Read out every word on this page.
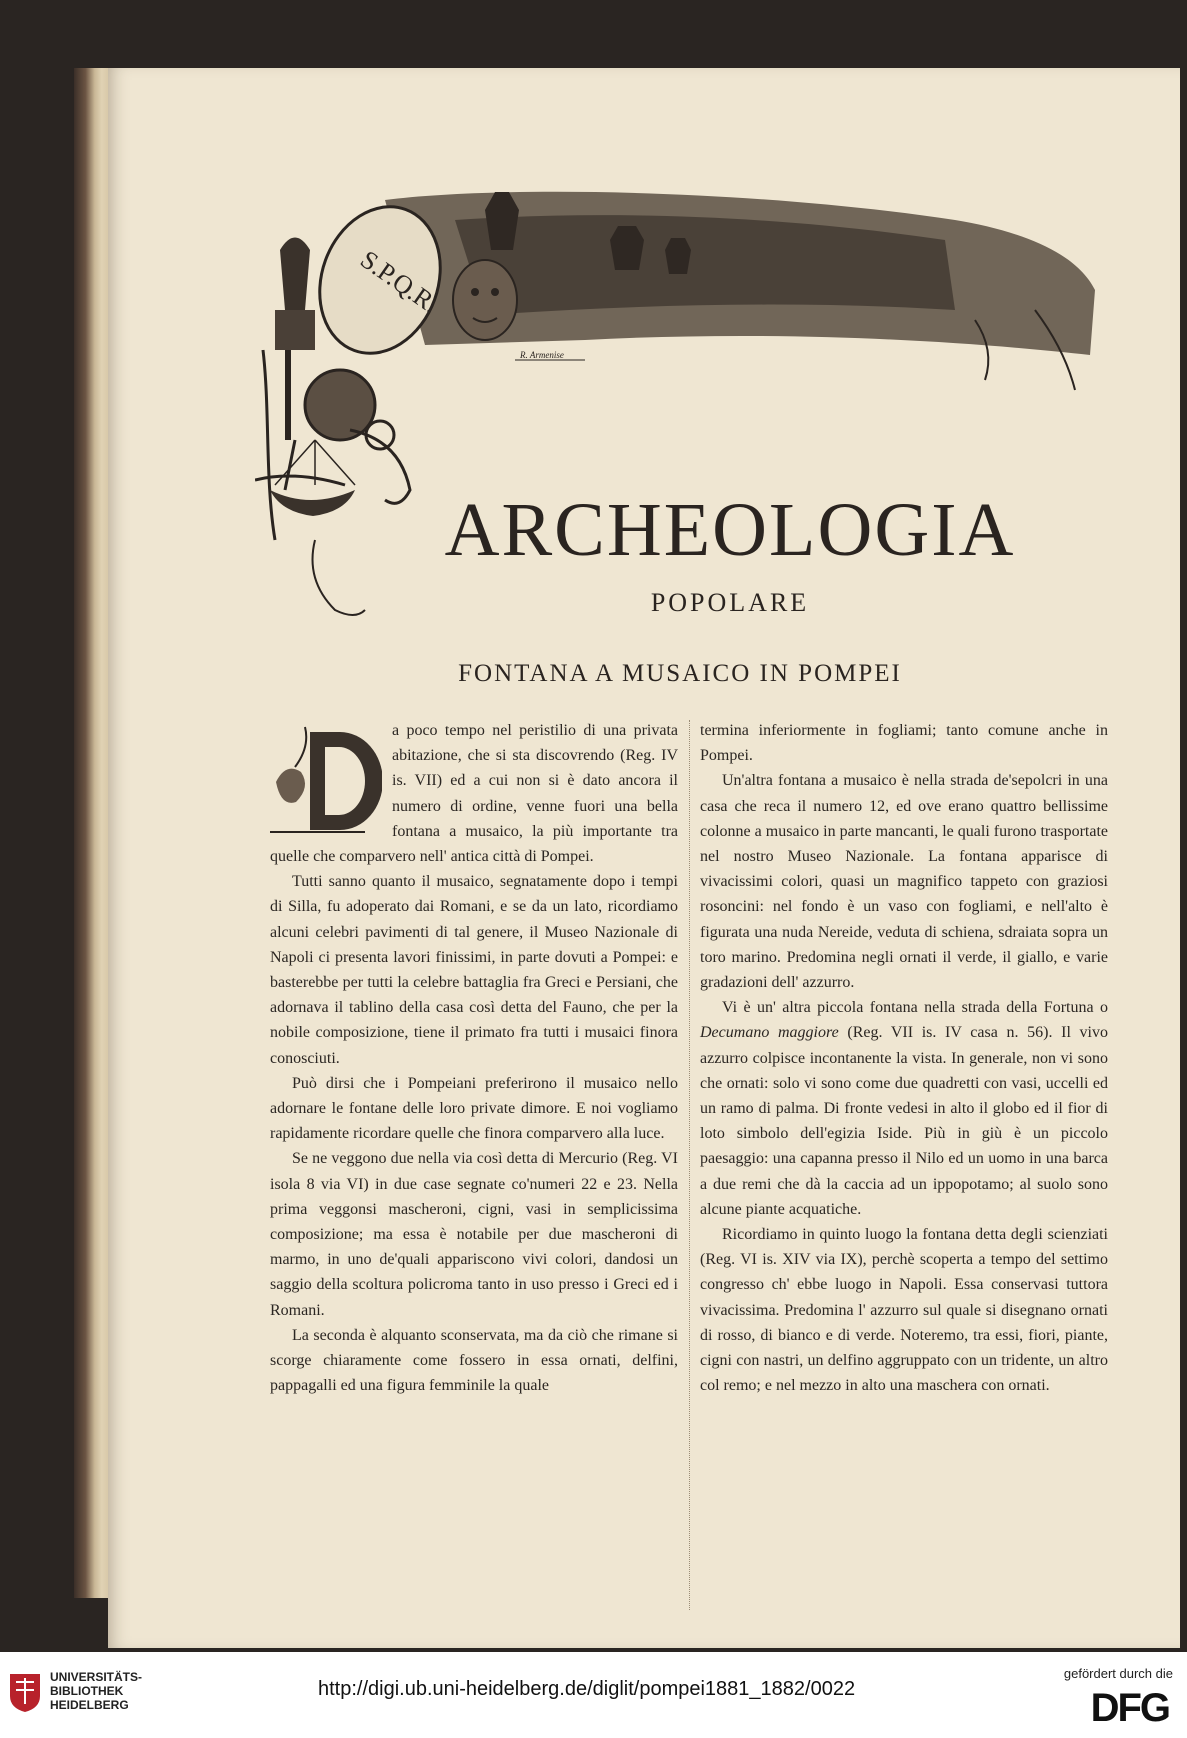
S.P.Q.R.
R. Armenise
ARCHEOLOGIA
POPOLARE
FONTANA A MUSAICO IN POMPEI

a poco tempo nel peristilio di una privata abitazione, che si sta discovrendo (Reg. IV is. VII) ed a cui non si è dato ancora il numero di ordine, venne fuori una bella fontana a musaico, la più importante tra quelle che comparvero nell' antica città di Pompei.

Tutti sanno quanto il musaico, segnatamente dopo i tempi di Silla, fu adoperato dai Romani, e se da un lato, ricordiamo alcuni celebri pavimenti di tal genere, il Museo Nazionale di Napoli ci presenta lavori finissimi, in parte dovuti a Pompei: e basterebbe per tutti la celebre battaglia fra Greci e Persiani, che adornava il tablino della casa così detta del Fauno, che per la nobile composizione, tiene il primato fra tutti i musaici finora conosciuti.

Può dirsi che i Pompeiani preferirono il musaico nello adornare le fontane delle loro private dimore. E noi vogliamo rapidamente ricordare quelle che finora comparvero alla luce.

Se ne veggono due nella via così detta di Mercurio (Reg. VI isola 8 via VI) in due case segnate co'numeri 22 e 23. Nella prima veggonsi mascheroni, cigni, vasi in semplicissima composizione; ma essa è notabile per due mascheroni di marmo, in uno de'quali appariscono vivi colori, dandosi un saggio della scoltura policroma tanto in uso presso i Greci ed i Romani.

La seconda è alquanto sconservata, ma da ciò che rimane si scorge chiaramente come fossero in essa ornati, delfini, pappagalli ed una figura femminile la quale

termina inferiormente in fogliami; tanto comune anche in Pompei.

Un'altra fontana a musaico è nella strada de'sepolcri in una casa che reca il numero 12, ed ove erano quattro bellissime colonne a musaico in parte mancanti, le quali furono trasportate nel nostro Museo Nazionale. La fontana apparisce di vivacissimi colori, quasi un magnifico tappeto con graziosi rosoncini: nel fondo è un vaso con fogliami, e nell'alto è figurata una nuda Nereide, veduta di schiena, sdraiata sopra un toro marino. Predomina negli ornati il verde, il giallo, e varie gradazioni dell' azzurro.

Vi è un' altra piccola fontana nella strada della Fortuna o Decumano maggiore (Reg. VII is. IV casa n. 56). Il vivo azzurro colpisce incontanente la vista. In generale, non vi sono che ornati: solo vi sono come due quadretti con vasi, uccelli ed un ramo di palma. Di fronte vedesi in alto il globo ed il fior di loto simbolo dell'egizia Iside. Più in giù è un piccolo paesaggio: una capanna presso il Nilo ed un uomo in una barca a due remi che dà la caccia ad un ippopotamo; al suolo sono alcune piante acquatiche.

Ricordiamo in quinto luogo la fontana detta degli scienziati (Reg. VI is. XIV via IX), perchè scoperta a tempo del settimo congresso ch' ebbe luogo in Napoli. Essa conservasi tuttora vivacissima. Predomina l' azzurro sul quale si disegnano ornati di rosso, di bianco e di verde. Noteremo, tra essi, fiori, piante, cigni con nastri, un delfino aggruppato con un tridente, un altro col remo; e nel mezzo in alto una maschera con ornati.

UNIVERSITÄTS-
BIBLIOTHEK
HEIDELBERG
http://digi.ub.uni-heidelberg.de/diglit/pompei1881_1882/0022
gefördert durch die
DFG
